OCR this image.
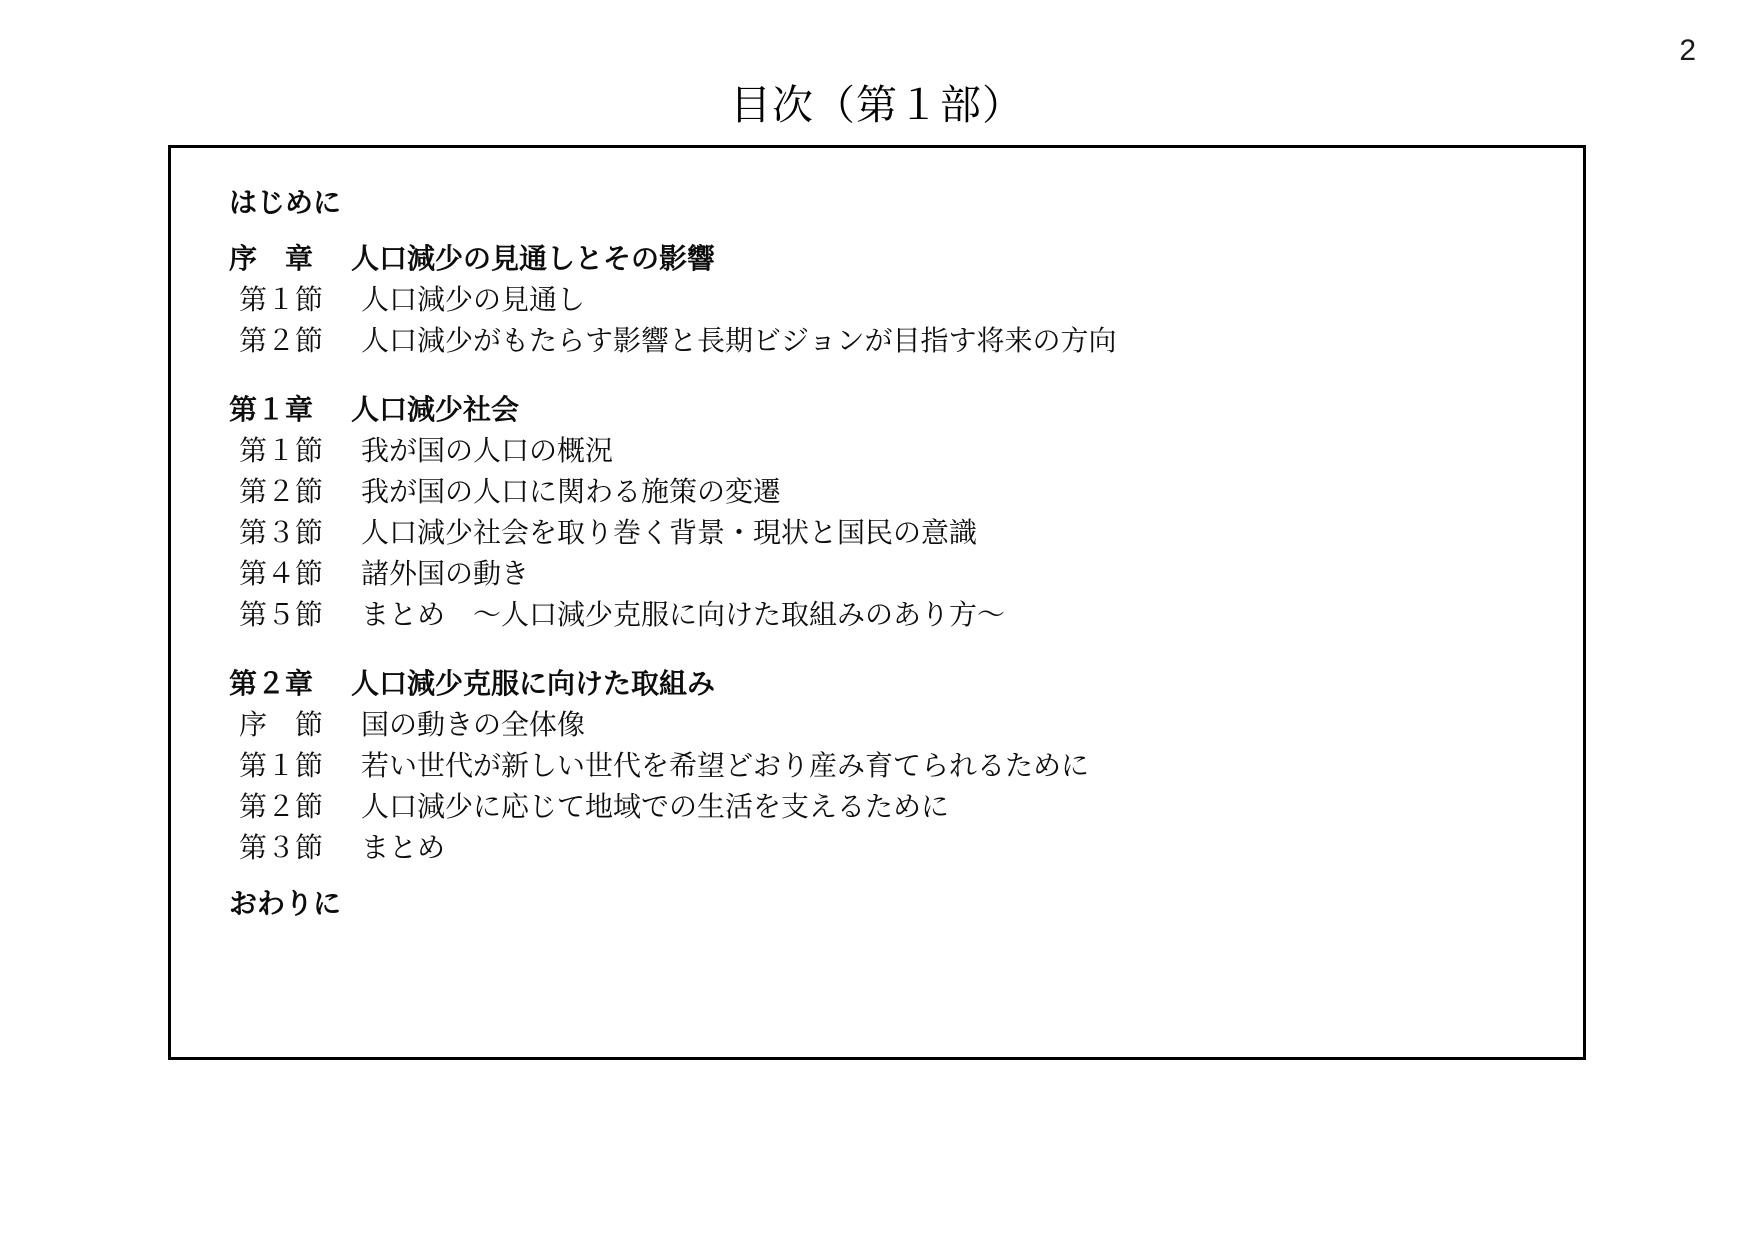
2
目次（第１部）
はじめに
序　章	人口減少の見通しとその影響
第１節	人口減少の見通し
第２節	人口減少がもたらす影響と長期ビジョンが目指す将来の方向
第１章	人口減少社会
第１節	我が国の人口の概況
第２節	我が国の人口に関わる施策の変遷
第３節	人口減少社会を取り巻く背景・現状と国民の意識
第４節	諸外国の動き
第５節	まとめ　～人口減少克服に向けた取組みのあり方～
第２章	人口減少克服に向けた取組み
序　節	国の動きの全体像
第１節	若い世代が新しい世代を希望どおり産み育てられるために
第２節	人口減少に応じて地域での生活を支えるために
第３節	まとめ
おわりに
